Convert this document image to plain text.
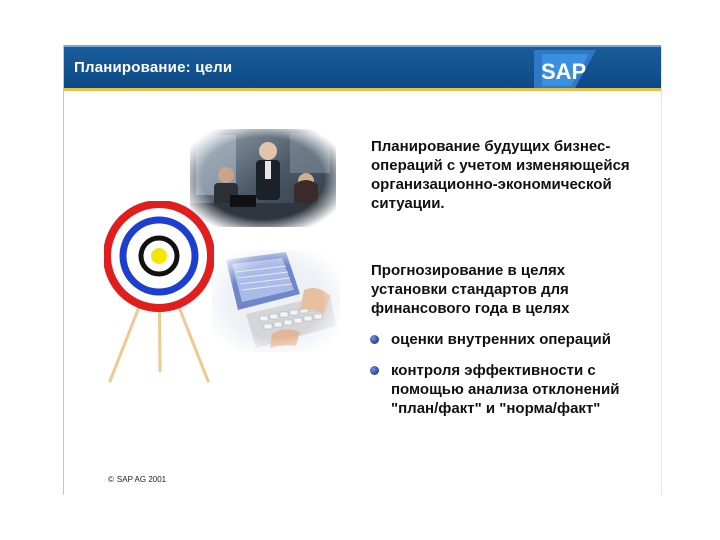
Планирование: цели	SAP
Планирование будущих бизнес-операций с учетом изменяющейся организационно-экономической ситуации.
Прогнозирование в целях установки стандартов для финансового года в целях
оценки внутренних операций
контроля эффективности с помощью анализа отклонений "план/факт" и "норма/факт"
© SAP AG 2001
